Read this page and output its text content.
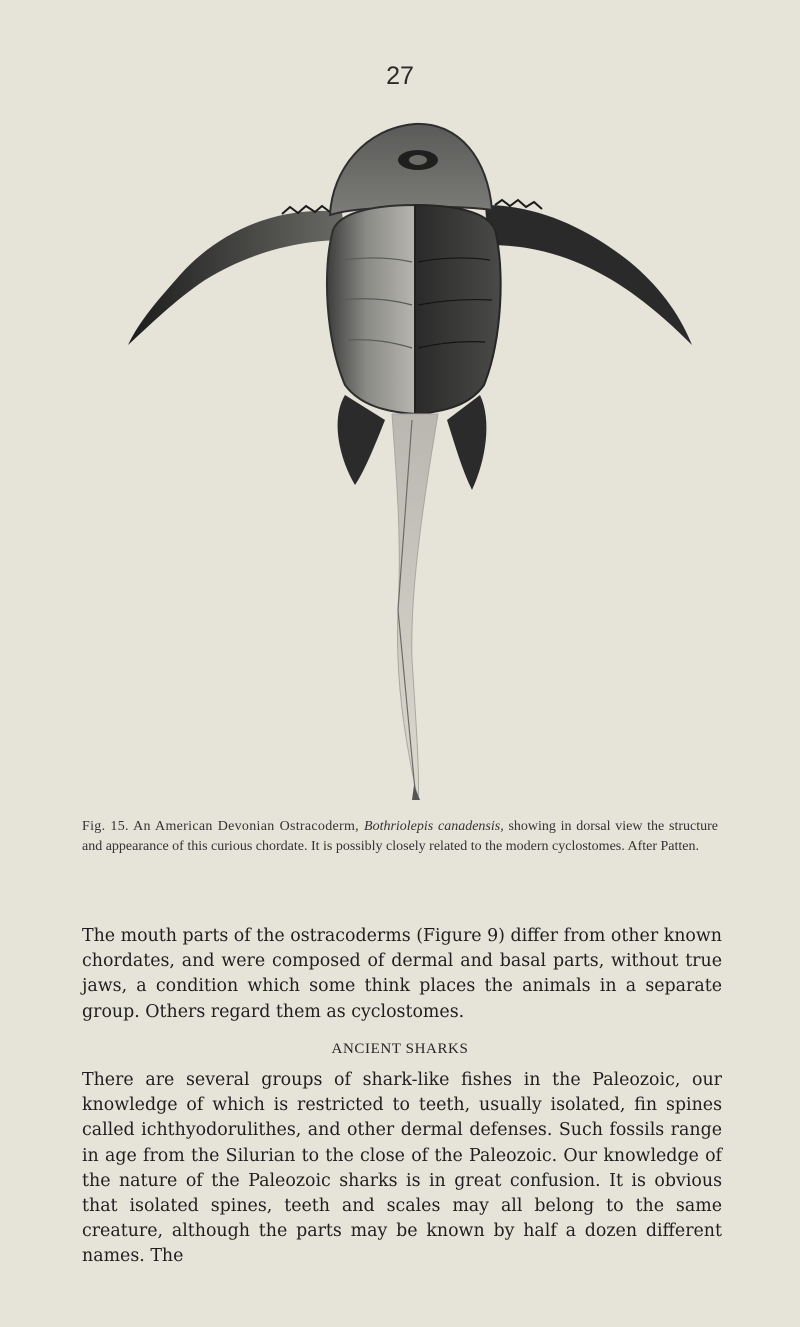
27
Fig. 15. An American Devonian Ostracoderm, Bothriolepis canadensis, showing in dorsal view the structure and appearance of this curious chordate. It is possibly closely related to the modern cyclostomes. After Patten.
The mouth parts of the ostracoderms (Figure 9) differ from other known chordates, and were composed of dermal and basal parts, without true jaws, a condition which some think places the animals in a separate group. Others regard them as cyclostomes.
ANCIENT SHARKS
There are several groups of shark-like fishes in the Paleozoic, our knowledge of which is restricted to teeth, usually isolated, fin spines called ichthyodorulithes, and other dermal defenses. Such fossils range in age from the Silurian to the close of the Paleozoic. Our knowledge of the nature of the Paleozoic sharks is in great confusion. It is obvious that isolated spines, teeth and scales may all belong to the same creature, although the parts may be known by half a dozen different names. The
